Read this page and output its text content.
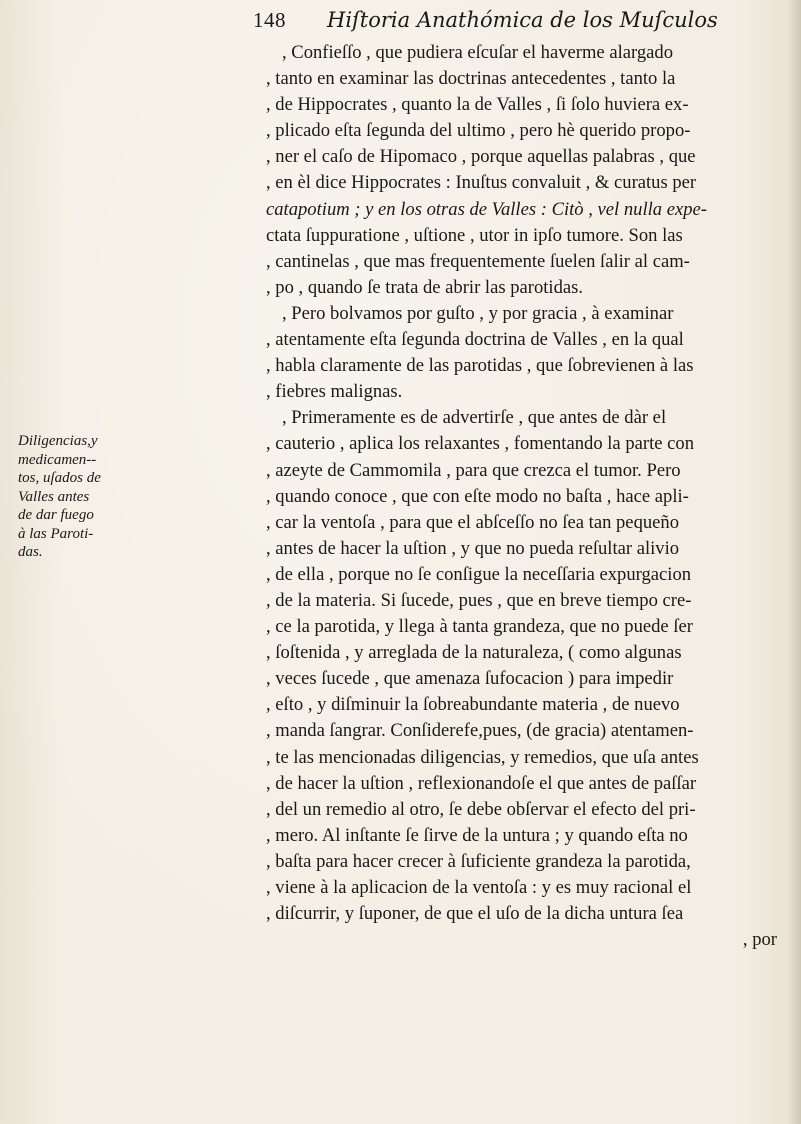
148 Hiſtoria Anathómica de los Muſculos
Diligencias,y
medicamen--
tos, uſados de
Valles antes
de dar fuego
à las Paroti-
das.
, Confieſſo , que pudiera eſcuſar el haverme alargado
, tanto en examinar las doctrinas antecedentes , tanto la
, de Hippocrates , quanto la de Valles , ſi ſolo huviera ex-
, plicado eſta ſegunda del ultimo , pero hè querido propo-
, ner el caſo de Hipomaco , porque aquellas palabras , que
, en èl dice Hippocrates : Inuſtus convaluit , & curatus per
catapotium ; y en los otras de Valles : Citò , vel nulla expe-
ctata ſuppuratione , uſtione , utor in ipſo tumore. Son las
, cantinelas , que mas frequentemente ſuelen ſalir al cam-
, po , quando ſe trata de abrir las parotidas.
, Pero bolvamos por guſto , y por gracia , à examinar
, atentamente eſta ſegunda doctrina de Valles , en la qual
, habla claramente de las parotidas , que ſobrevienen à las
, fiebres malignas.
, Primeramente es de advertirſe , que antes de dàr el
, cauterio , aplica los relaxantes , fomentando la parte con
, azeyte de Cammomila , para que crezca el tumor. Pero
, quando conoce , que con eſte modo no baſta , hace apli-
, car la ventoſa , para que el abſceſſo no ſea tan pequeño
, antes de hacer la uſtion , y que no pueda reſultar alivio
, de ella , porque no ſe conſigue la neceſſaria expurgacion
, de la materia. Si ſucede, pues , que en breve tiempo cre-
, ce la parotida, y llega à tanta grandeza, que no puede ſer
, ſoſtenida , y arreglada de la naturaleza, ( como algunas
, veces ſucede , que amenaza ſufocacion ) para impedir
, eſto , y diſminuir la ſobreabundante materia , de nuevo
, manda ſangrar. Conſiderefe,pues, (de gracia) atentamen-
, te las mencionadas diligencias, y remedios, que uſa antes
, de hacer la uſtion , reflexionandoſe el que antes de paſſar
, del un remedio al otro, ſe debe obſervar el efecto del pri-
, mero. Al inſtante ſe ſirve de la untura ; y quando eſta no
, baſta para hacer crecer à ſuficiente grandeza la parotida,
, viene à la aplicacion de la ventoſa : y es muy racional el
, diſcurrir, y ſuponer, de que el uſo de la dicha untura ſea
, por
